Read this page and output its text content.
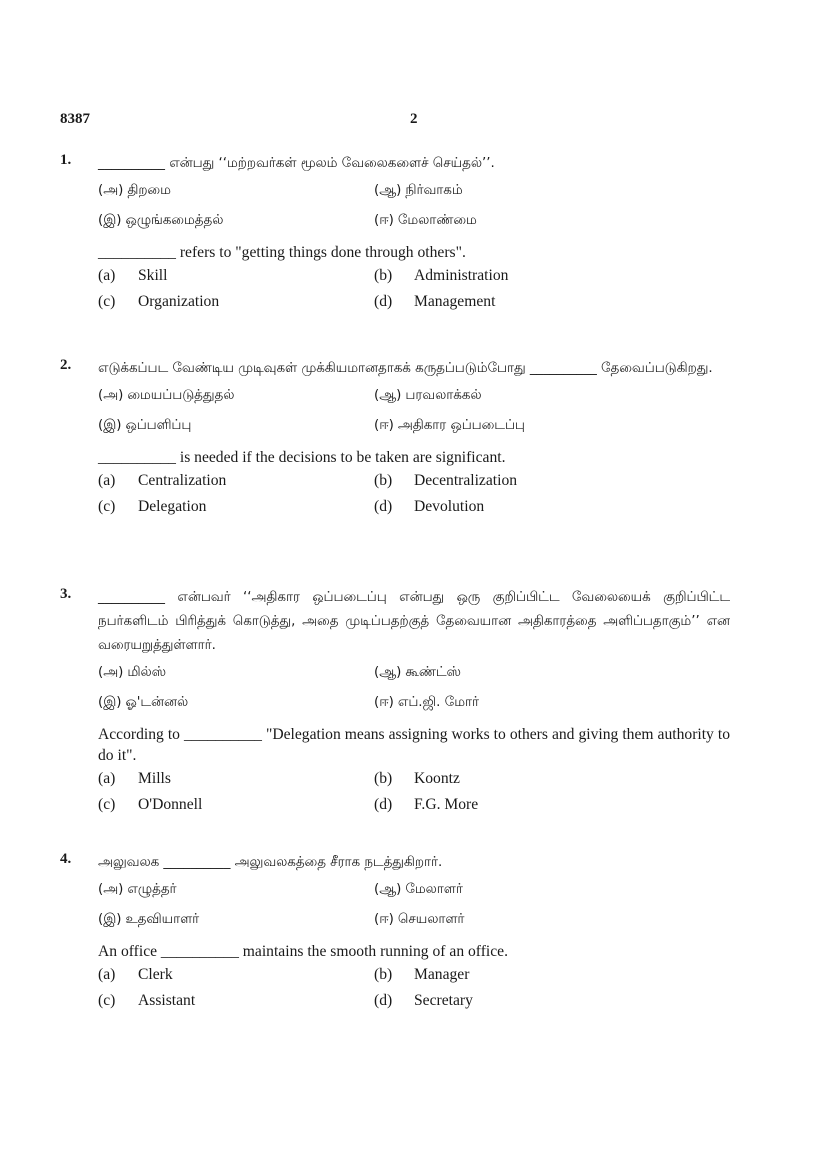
8387	2
1. __________ என்பது ‘‘மற்றவர்கள் மூலம் வேலைகளைச் செய்தல்’’.

(அ) திறமை	(ஆ) நிர்வாகம்
(இ) ஒழுங்கமைத்தல்	(ஈ) மேலாண்மை

__________ refers to "getting things done through others".

(a)	Skill	(b)	Administration
(c)	Organization	(d)	Management
2. எடுக்கப்பட வேண்டிய முடிவுகள் முக்கியமானதாகக் கருதப்படும்போது __________ தேவைப்படுகிறது.

(அ) மையப்படுத்துதல்	(ஆ) பரவலாக்கல்
(இ) ஒப்பளிப்பு	(ஈ) அதிகார ஒப்படைப்பு

__________ is needed if the decisions to be taken are significant.

(a)	Centralization	(b)	Decentralization
(c)	Delegation	(d)	Devolution
3. __________ என்பவர் ‘‘அதிகார ஒப்படைப்பு என்பது ஒரு குறிப்பிட்ட வேலையைக் குறிப்பிட்ட நபர்களிடம் பிரித்துக் கொடுத்து, அதை முடிப்பதற்குத் தேவையான அதிகாரத்தை அளிப்பதாகும்’’ என வரையறுத்துள்ளார்.

(அ) மில்ஸ்	(ஆ) கூண்ட்ஸ்
(இ) ஓ'டன்னல்	(ஈ) எப்.ஜி. மோர்

According to __________ "Delegation means assigning works to others and giving them authority to do it".

(a)	Mills	(b)	Koontz
(c)	O'Donnell	(d)	F.G. More
4. அலுவலக __________ அலுவலகத்தை சீராக நடத்துகிறார்.

(அ) எழுத்தர்	(ஆ) மேலாளர்
(இ) உதவியாளர்	(ஈ) செயலாளர்

An office __________ maintains the smooth running of an office.

(a)	Clerk	(b)	Manager
(c)	Assistant	(d)	Secretary
